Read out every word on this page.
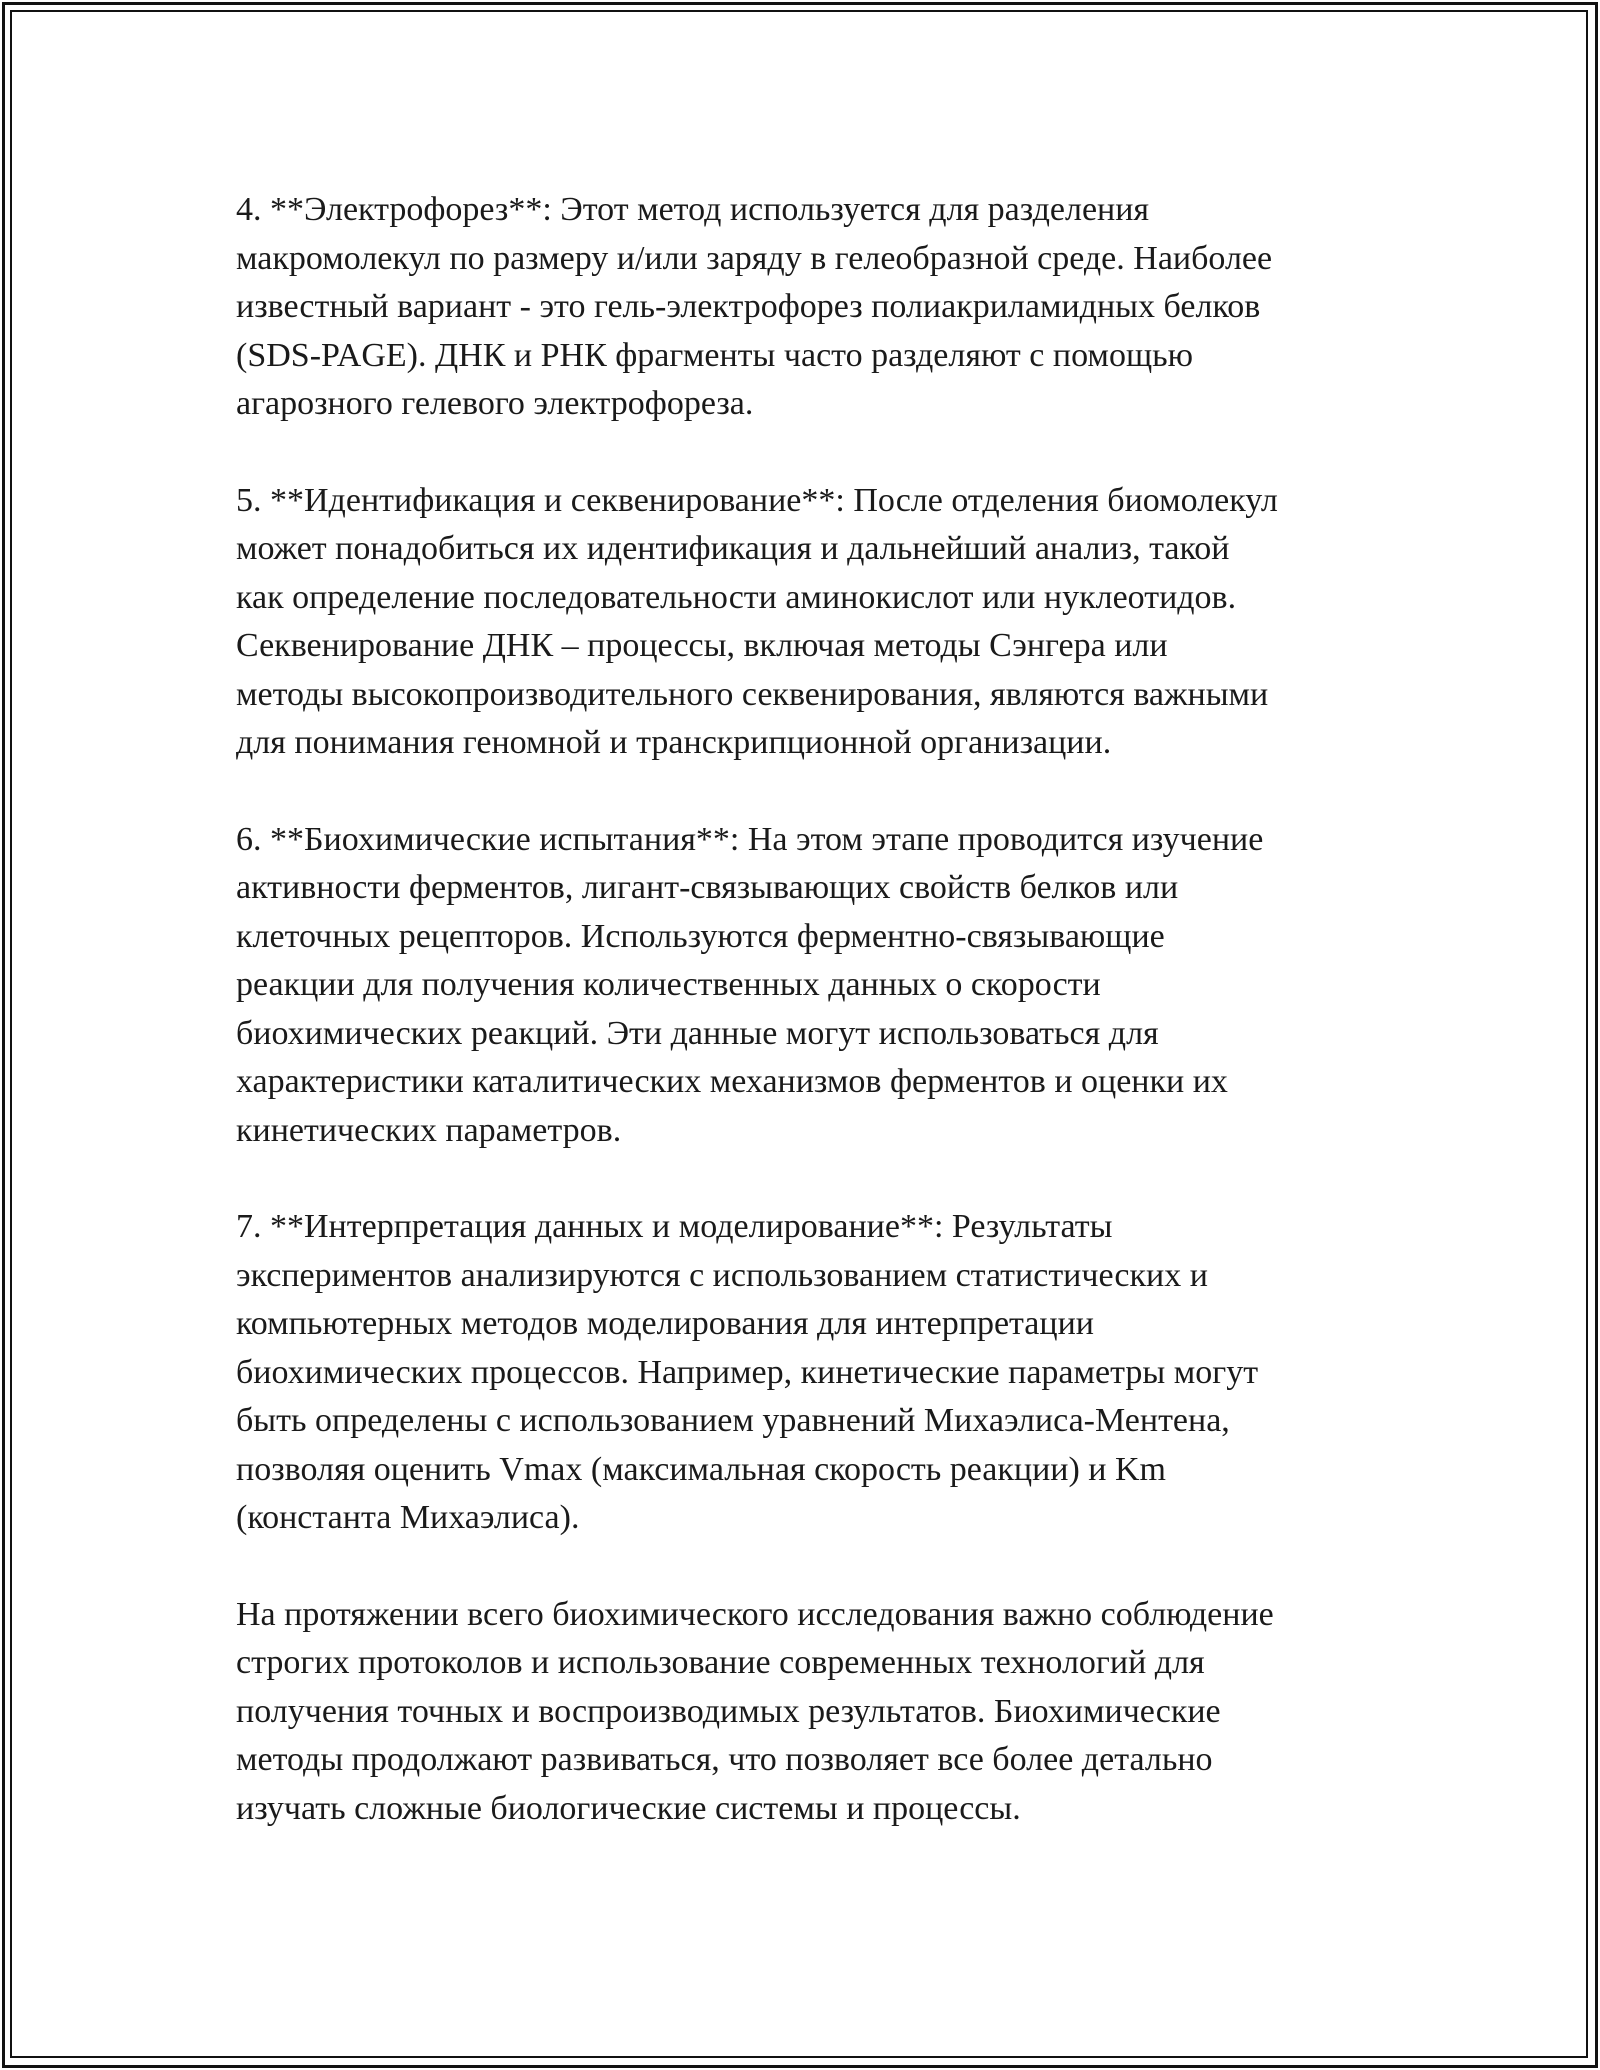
4. **Электрофорез**: Этот метод используется для разделения
макромолекул по размеру и/или заряду в гелеобразной среде. Наиболее
известный вариант - это гель-электрофорез полиакриламидных белков
(SDS-PAGE). ДНК и РНК фрагменты часто разделяют с помощью
агарозного гелевого электрофореза.

5. **Идентификация и секвенирование**: После отделения биомолекул
может понадобиться их идентификация и дальнейший анализ, такой
как определение последовательности аминокислот или нуклеотидов.
Секвенирование ДНК – процессы, включая методы Сэнгера или
методы высокопроизводительного секвенирования, являются важными
для понимания геномной и транскрипционной организации.

6. **Биохимические испытания**: На этом этапе проводится изучение
активности ферментов, лигант-связывающих свойств белков или
клеточных рецепторов. Используются ферментно-связывающие
реакции для получения количественных данных о скорости
биохимических реакций. Эти данные могут использоваться для
характеристики каталитических механизмов ферментов и оценки их
кинетических параметров.

7. **Интерпретация данных и моделирование**: Результаты
экспериментов анализируются с использованием статистических и
компьютерных методов моделирования для интерпретации
биохимических процессов. Например, кинетические параметры могут
быть определены с использованием уравнений Михаэлиса-Ментена,
позволяя оценить Vmax (максимальная скорость реакции) и Km
(константа Михаэлиса).

На протяжении всего биохимического исследования важно соблюдение
строгих протоколов и использование современных технологий для
получения точных и воспроизводимых результатов. Биохимические
методы продолжают развиваться, что позволяет все более детально
изучать сложные биологические системы и процессы.
